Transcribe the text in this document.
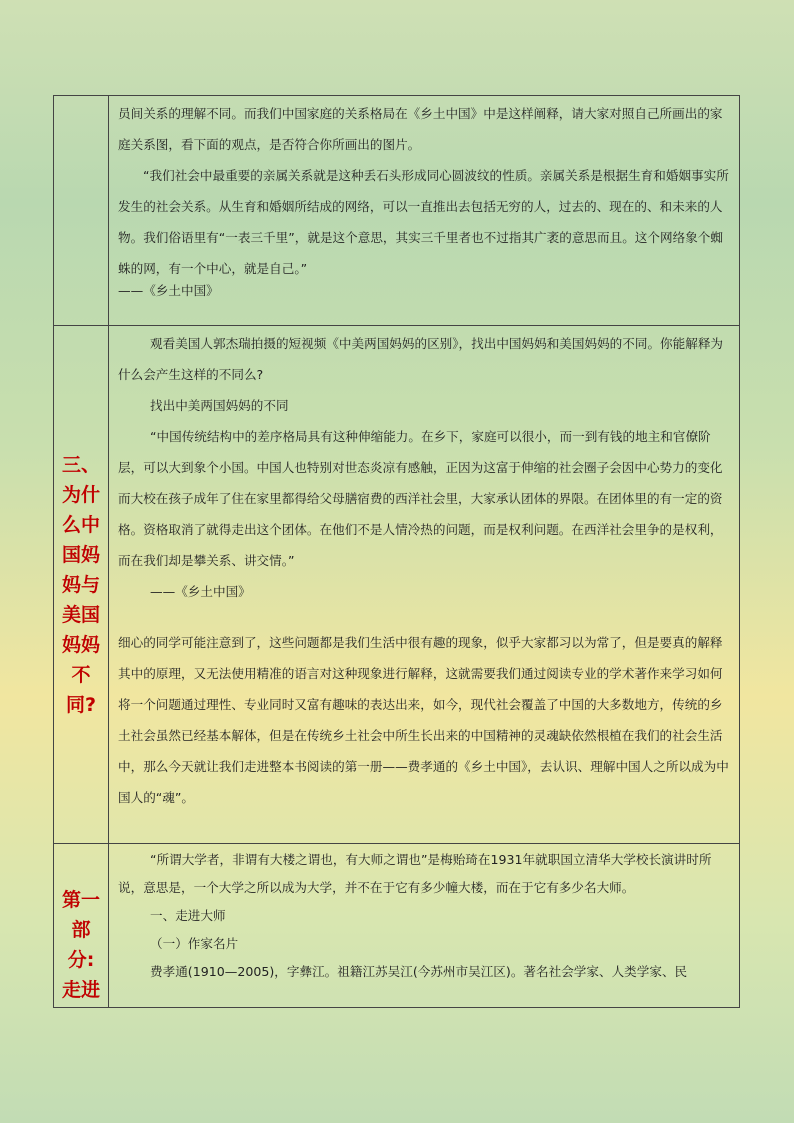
员间关系的理解不同。而我们中国家庭的关系格局在《乡土中国》中是这样阐释，请大家对照自己所画出的家庭关系图，看下面的观点，是否符合你所画出的图片。

“我们社会中最重要的亲属关系就是这种丢石头形成同心圆波纹的性质。亲属关系是根据生育和婚姻事实所发生的社会关系。从生育和婚姻所结成的网络，可以一直推出去包括无穷的人，过去的、现在的、和未来的人物。我们俗语里有“一表三千里”，就是这个意思，其实三千里者也不过指其广袤的意思而且。这个网络象个蜘蛛的网，有一个中心，就是自己。”

——《乡土中国》

三、为什么中国妈妈与美国妈妈不同?

观看美国人郭杰瑞拍摄的短视频《中美两国妈妈的区别》，找出中国妈妈和美国妈妈的不同。你能解释为什么会产生这样的不同么?

找出中美两国妈妈的不同

“中国传统结构中的差序格局具有这种伸缩能力。在乡下，家庭可以很小，而一到有钱的地主和官僚阶层，可以大到象个小国。中国人也特别对世态炎凉有感触，正因为这富于伸缩的社会圈子会因中心势力的变化而大校在孩子成年了住在家里都得给父母膳宿费的西洋社会里，大家承认团体的界限。在团体里的有一定的资格。资格取消了就得走出这个团体。在他们不是人情冷热的问题，而是权利问题。在西洋社会里争的是权利，而在我们却是攀关系、讲交情。”

——《乡土中国》

细心的同学可能注意到了，这些问题都是我们生活中很有趣的现象，似乎大家都习以为常了，但是要真的解释其中的原理，又无法使用精准的语言对这种现象进行解释，这就需要我们通过阅读专业的学术著作来学习如何将一个问题通过理性、专业同时又富有趣味的表达出来，如今，现代社会覆盖了中国的大多数地方，传统的乡土社会虽然已经基本解体，但是在传统乡土社会中所生长出来的中国精神的灵魂缺依然根植在我们的社会生活中，那么今天就让我们走进整本书阅读的第一册——费孝通的《乡土中国》，去认识、理解中国人之所以成为中国人的“魂”。

第一部分:走进

“所谓大学者，非谓有大楼之谓也，有大师之谓也”是梅贻琦在1931年就职国立清华大学校长演讲时所说，意思是，一个大学之所以成为大学，并不在于它有多少幢大楼，而在于它有多少名大师。

一、走进大师

（一）作家名片

费孝通(1910—2005)，字彝江。祖籍江苏吴江(今苏州市吴江区)。著名社会学家、人类学家、民
